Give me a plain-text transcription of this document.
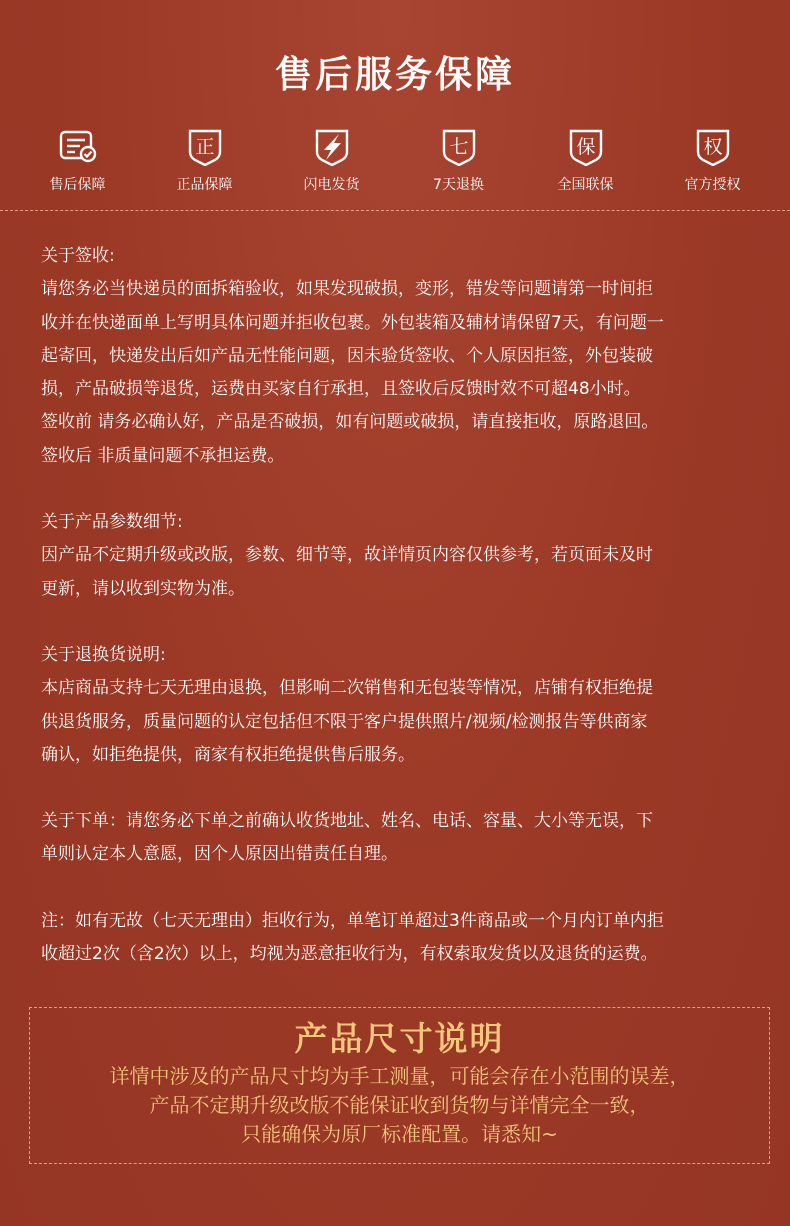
售后服务保障
售后保障
正
正品保障	闪电发货
七
7天退换
保
全国联保
权
官方授权

关于签收:

请您务必当快递员的面拆箱验收，如果发现破损，变形，错发等问题请第一时间拒

收并在快递面单上写明具体问题并拒收包裹。外包装箱及辅材请保留7天，有问题一

起寄回，快递发出后如产品无性能问题，因未验货签收、个人原因拒签，外包装破

损，产品破损等退货，运费由买家自行承担，且签收后反馈时效不可超48小时。

签收前 请务必确认好，产品是否破损，如有问题或破损，请直接拒收，原路退回。

签收后 非质量问题不承担运费。

关于产品参数细节:

因产品不定期升级或改版，参数、细节等，故详情页内容仅供参考，若页面未及时

更新，请以收到实物为准。

关于退换货说明:

本店商品支持七天无理由退换，但影响二次销售和无包装等情况，店铺有权拒绝提

供退货服务，质量问题的认定包括但不限于客户提供照片/视频/检测报告等供商家

确认，如拒绝提供，商家有权拒绝提供售后服务。

关于下单：请您务必下单之前确认收货地址、姓名、电话、容量、大小等无误，下

单则认定本人意愿，因个人原因出错责任自理。

注：如有无故（七天无理由）拒收行为，单笔订单超过3件商品或一个月内订单内拒

收超过2次（含2次）以上，均视为恶意拒收行为，有权索取发货以及退货的运费。

产品尺寸说明
详情中涉及的产品尺寸均为手工测量，可能会存在小范围的误差，
产品不定期升级改版不能保证收到货物与详情完全一致，
只能确保为原厂标准配置。请悉知~
